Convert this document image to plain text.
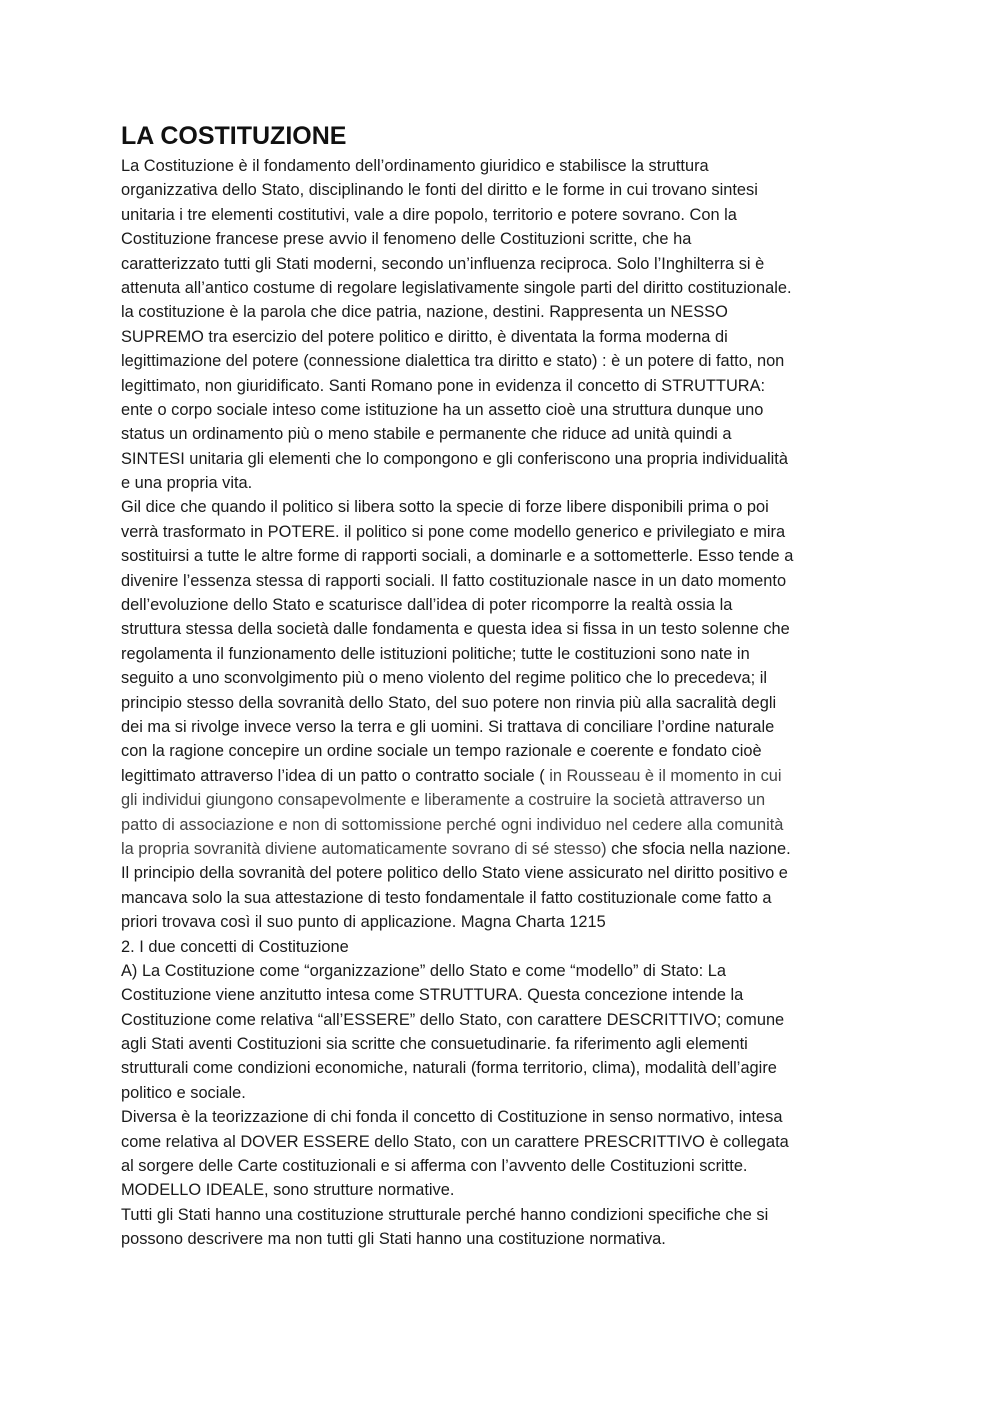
LA COSTITUZIONE
La Costituzione è il fondamento dell’ordinamento giuridico e stabilisce la struttura
organizzativa dello Stato, disciplinando le fonti del diritto e le forme in cui trovano sintesi
unitaria i tre elementi costitutivi, vale a dire popolo, territorio e potere sovrano. Con la
Costituzione francese prese avvio il fenomeno delle Costituzioni scritte, che ha
caratterizzato tutti gli Stati moderni, secondo un’influenza reciproca. Solo l’Inghilterra si è
attenuta all’antico costume di regolare legislativamente singole parti del diritto costituzionale.
la costituzione è la parola che dice patria, nazione, destini. Rappresenta un NESSO
SUPREMO tra esercizio del potere politico e diritto, è diventata la forma moderna di
legittimazione del potere (connessione dialettica tra diritto e stato) : è un potere di fatto, non
legittimato, non giuridificato. Santi Romano pone in evidenza il concetto di STRUTTURA:
ente o corpo sociale inteso come istituzione ha un assetto cioè una struttura dunque uno
status un ordinamento più o meno stabile e permanente che riduce ad unità quindi a
SINTESI unitaria gli elementi che lo compongono e gli conferiscono una propria individualità
e una propria vita.
Gil dice che quando il politico si libera sotto la specie di forze libere disponibili prima o poi
verrà trasformato in POTERE. il politico si pone come modello generico e privilegiato e mira
sostituirsi a tutte le altre forme di rapporti sociali, a dominarle e a sottometterle. Esso tende a
divenire l’essenza stessa di rapporti sociali. Il fatto costituzionale nasce in un dato momento
dell’evoluzione dello Stato e scaturisce dall’idea di poter ricomporre la realtà ossia la
struttura stessa della società dalle fondamenta e questa idea si fissa in un testo solenne che
regolamenta il funzionamento delle istituzioni politiche; tutte le costituzioni sono nate in
seguito a uno sconvolgimento più o meno violento del regime politico che lo precedeva; il
principio stesso della sovranità dello Stato, del suo potere non rinvia più alla sacralità degli
dei ma si rivolge invece verso la terra e gli uomini. Si trattava di conciliare l’ordine naturale
con la ragione concepire un ordine sociale un tempo razionale e coerente e fondato cioè
legittimato attraverso l’idea di un patto o contratto sociale ( in Rousseau è il momento in cui
gli individui giungono consapevolmente e liberamente a costruire la società attraverso un
patto di associazione e non di sottomissione perché ogni individuo nel cedere alla comunità
la propria sovranità diviene automaticamente sovrano di sé stesso) che sfocia nella nazione.
Il principio della sovranità del potere politico dello Stato viene assicurato nel diritto positivo e
mancava solo la sua attestazione di testo fondamentale il fatto costituzionale come fatto a
priori trovava così il suo punto di applicazione. Magna Charta 1215
2. I due concetti di Costituzione
A) La Costituzione come “organizzazione” dello Stato e come “modello” di Stato: La
Costituzione viene anzitutto intesa come STRUTTURA. Questa concezione intende la
Costituzione come relativa “all’ESSERE” dello Stato, con carattere DESCRITTIVO; comune
agli Stati aventi Costituzioni sia scritte che consuetudinarie. fa riferimento agli elementi
strutturali come condizioni economiche, naturali (forma territorio, clima), modalità dell’agire
politico e sociale.
Diversa è la teorizzazione di chi fonda il concetto di Costituzione in senso normativo, intesa
come relativa al DOVER ESSERE dello Stato, con un carattere PRESCRITTIVO è collegata
al sorgere delle Carte costituzionali e si afferma con l’avvento delle Costituzioni scritte.
MODELLO IDEALE, sono strutture normative.
Tutti gli Stati hanno una costituzione strutturale perché hanno condizioni specifiche che si
possono descrivere ma non tutti gli Stati hanno una costituzione normativa.
